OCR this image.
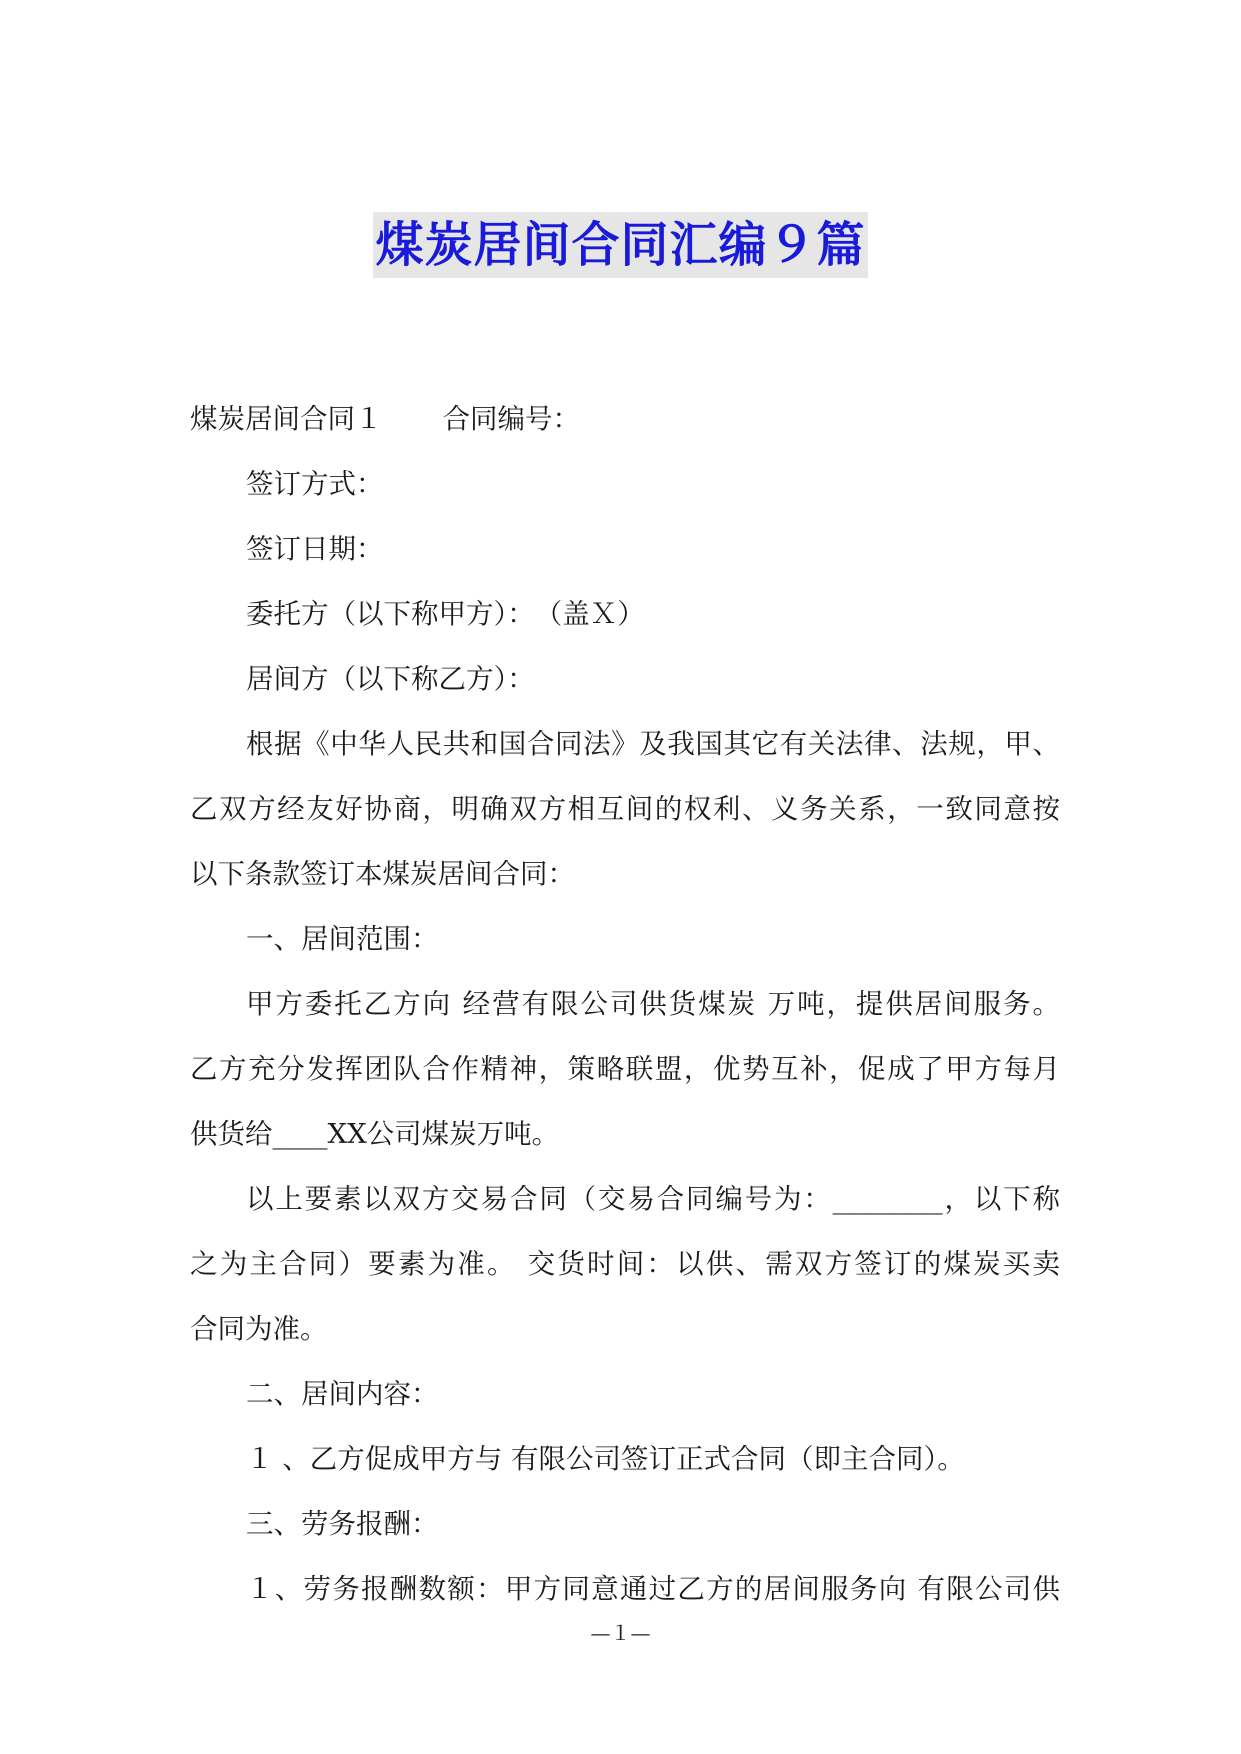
煤炭居间合同汇编９篇
煤炭居间合同１ 合同编号：
签订方式：
签订日期：
委托方（以下称甲方）：　（盖Ｘ）
居间方（以下称乙方）：
根据《中华人民共和国合同法》及我国其它有关法律、法规，甲、
乙双方经友好协商，明确双方相互间的权利、义务关系，一致同意按
以下条款签订本煤炭居间合同：
一、居间范围：
甲方委托乙方向 经营有限公司供货煤炭 万吨，提供居间服务。
乙方充分发挥团队合作精神，策略联盟，优势互补，促成了甲方每月
供货给____XX公司煤炭万吨。
以上要素以双方交易合同（交易合同编号为：________，以下称
之为主合同）要素为准。 交货时间：以供、需双方签订的煤炭买卖
合同为准。
二、居间内容：
１ 、乙方促成甲方与 有限公司签订正式合同（即主合同）。
三、劳务报酬：
１、劳务报酬数额：甲方同意通过乙方的居间服务向 有限公司供
—１—
